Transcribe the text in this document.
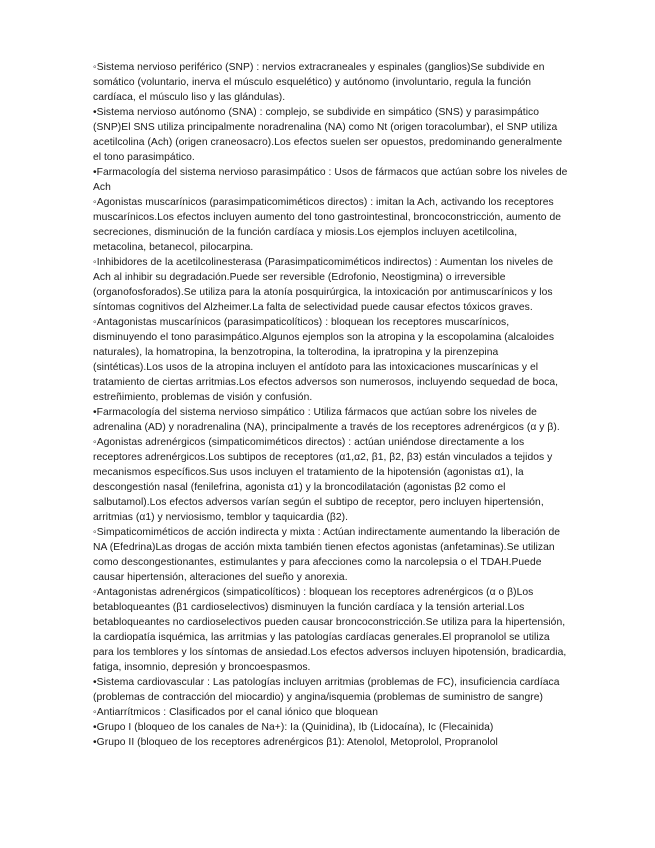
◦Sistema nervioso periférico (SNP) : nervios extracraneales y espinales (ganglios)Se subdivide en somático (voluntario, inerva el músculo esquelético) y autónomo (involuntario, regula la función cardíaca, el músculo liso y las glándulas).

•Sistema nervioso autónomo (SNA) : complejo, se subdivide en simpático (SNS) y parasimpático (SNP)El SNS utiliza principalmente noradrenalina (NA) como Nt (origen toracolumbar), el SNP utiliza acetilcolina (Ach) (origen craneosacro).Los efectos suelen ser opuestos, predominando generalmente el tono parasimpático.

•Farmacología del sistema nervioso parasimpático : Usos de fármacos que actúan sobre los niveles de Ach

◦Agonistas muscarínicos (parasimpaticomiméticos directos) : imitan la Ach, activando los receptores muscarínicos.Los efectos incluyen aumento del tono gastrointestinal, broncoconstricción, aumento de secreciones, disminución de la función cardíaca y miosis.Los ejemplos incluyen acetilcolina, metacolina, betanecol, pilocarpina.

◦Inhibidores de la acetilcolinesterasa (Parasimpaticomiméticos indirectos) : Aumentan los niveles de Ach al inhibir su degradación.Puede ser reversible (Edrofonio, Neostigmina) o irreversible (organofosforados).Se utiliza para la atonía posquirúrgica, la intoxicación por antimuscarínicos y los síntomas cognitivos del Alzheimer.La falta de selectividad puede causar efectos tóxicos graves.

◦Antagonistas muscarínicos (parasimpaticolíticos) : bloquean los receptores muscarínicos, disminuyendo el tono parasimpático.Algunos ejemplos son la atropina y la escopolamina (alcaloides naturales), la homatropina, la benzotropina, la tolterodina, la ipratropina y la pirenzepina (sintéticas).Los usos de la atropina incluyen el antídoto para las intoxicaciones muscarínicas y el tratamiento de ciertas arritmias.Los efectos adversos son numerosos, incluyendo sequedad de boca, estreñimiento, problemas de visión y confusión.

•Farmacología del sistema nervioso simpático : Utiliza fármacos que actúan sobre los niveles de adrenalina (AD) y noradrenalina (NA), principalmente a través de los receptores adrenérgicos (α y β).

◦Agonistas adrenérgicos (simpaticomiméticos directos) : actúan uniéndose directamente a los receptores adrenérgicos.Los subtipos de receptores (α1,α2, β1, β2, β3) están vinculados a tejidos y mecanismos específicos.Sus usos incluyen el tratamiento de la hipotensión (agonistas α1), la descongestión nasal (fenilefrina, agonista α1) y la broncodilatación (agonistas β2 como el salbutamol).Los efectos adversos varían según el subtipo de receptor, pero incluyen hipertensión, arritmias (α1) y nerviosismo, temblor y taquicardia (β2).

◦Simpaticomiméticos de acción indirecta y mixta : Actúan indirectamente aumentando la liberación de NA (Efedrina)Las drogas de acción mixta también tienen efectos agonistas (anfetaminas).Se utilizan como descongestionantes, estimulantes y para afecciones como la narcolepsia o el TDAH.Puede causar hipertensión, alteraciones del sueño y anorexia.

◦Antagonistas adrenérgicos (simpaticolíticos) : bloquean los receptores adrenérgicos (α o β)Los betabloqueantes (β1 cardioselectivos) disminuyen la función cardíaca y la tensión arterial.Los betabloqueantes no cardioselectivos pueden causar broncoconstricción.Se utiliza para la hipertensión, la cardiopatía isquémica, las arritmias y las patologías cardíacas generales.El propranolol se utiliza para los temblores y los síntomas de ansiedad.Los efectos adversos incluyen hipotensión, bradicardia, fatiga, insomnio, depresión y broncoespasmos.

•Sistema cardiovascular : Las patologías incluyen arritmias (problemas de FC), insuficiencia cardíaca (problemas de contracción del miocardio) y angina/isquemia (problemas de suministro de sangre)

◦Antiarrítmicos : Clasificados por el canal iónico que bloquean

•Grupo I (bloqueo de los canales de Na+): Ia (Quinidina), Ib (Lidocaína), Ic (Flecainida)

•Grupo II (bloqueo de los receptores adrenérgicos β1): Atenolol, Metoprolol, Propranolol
